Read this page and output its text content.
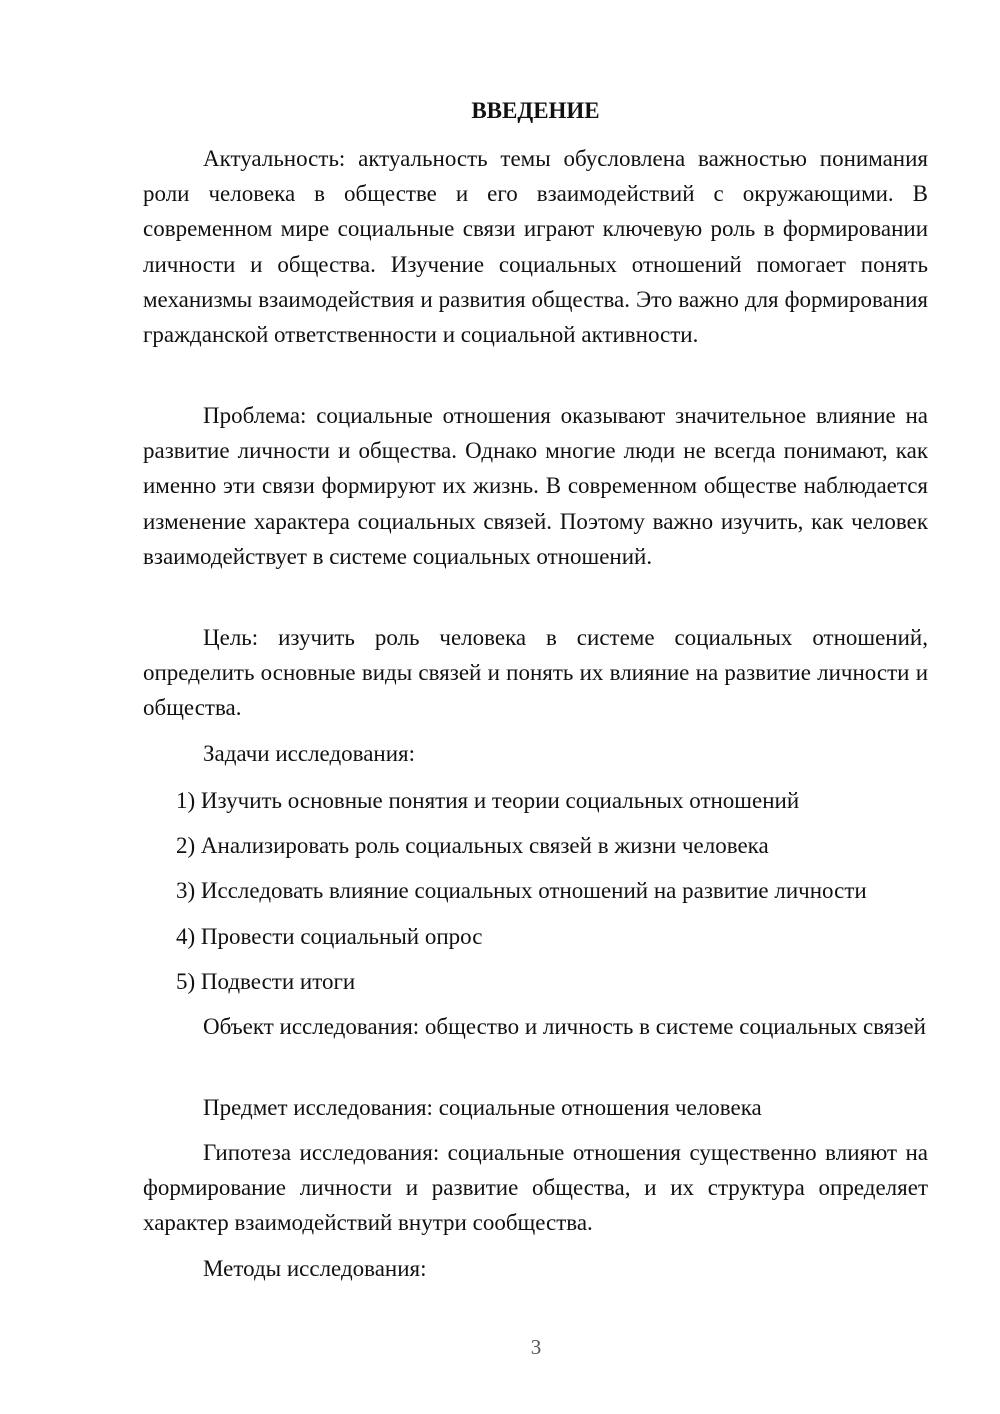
ВВЕДЕНИЕ

Актуальность: актуальность темы обусловлена важностью понимания роли человека в обществе и его взаимодействий с окружающими. В современном мире социальные связи играют ключевую роль в формировании личности и общества. Изучение социальных отношений помогает понять механизмы взаимодействия и развития общества. Это важно для формирования гражданской ответственности и социальной активности.

Проблема: социальные отношения оказывают значительное влияние на развитие личности и общества. Однако многие люди не всегда понимают, как именно эти связи формируют их жизнь. В современном обществе наблюдается изменение характера социальных связей. Поэтому важно изучить, как человек взаимодействует в системе социальных отношений.

Цель: изучить роль человека в системе социальных отношений, определить основные виды связей и понять их влияние на развитие личности и общества.

Задачи исследования:

1) Изучить основные понятия и теории социальных отношений

2) Анализировать роль социальных связей в жизни человека

3) Исследовать влияние социальных отношений на развитие личности

4) Провести социальный опрос

5) Подвести итоги

Объект исследования: общество и личность в системе социальных связей

Предмет исследования: социальные отношения человека

Гипотеза исследования: социальные отношения существенно влияют на формирование личности и развитие общества, и их структура определяет характер взаимодействий внутри сообщества.

Методы исследования:

3
